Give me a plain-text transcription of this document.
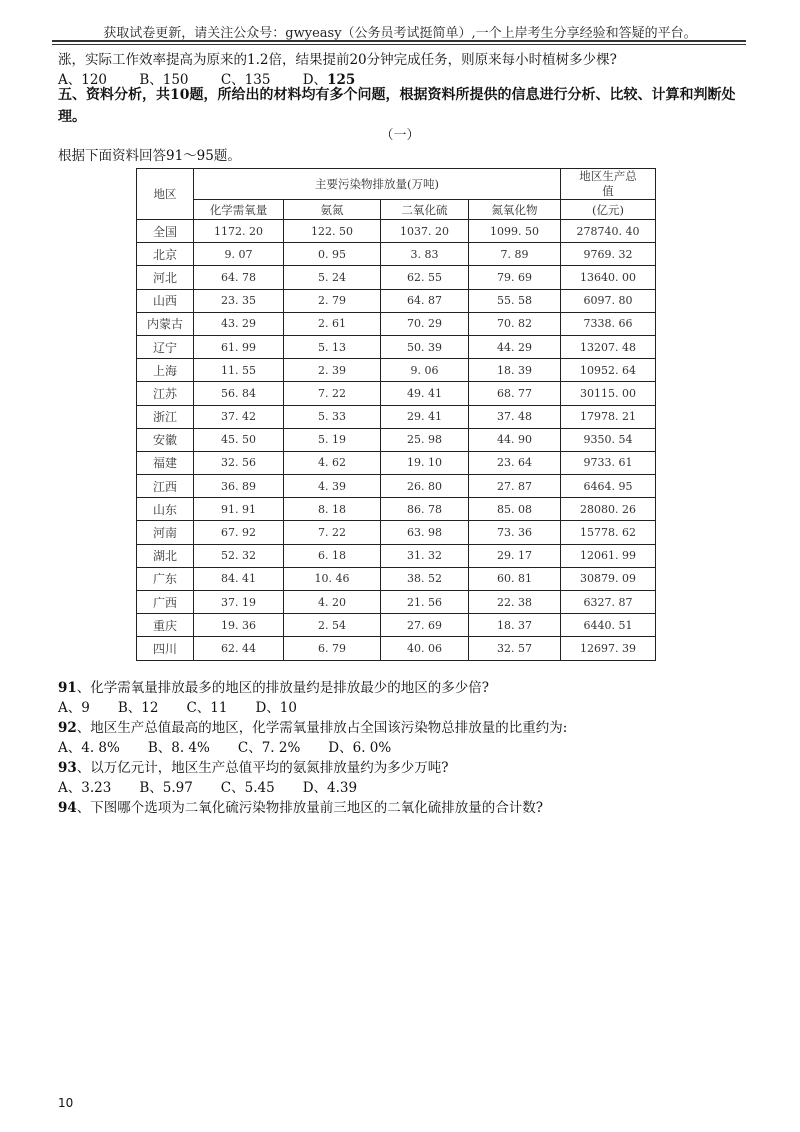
获取试卷更新，请关注公众号：gwyeasy（公务员考试挺简单）,一个上岸考生分享经验和答疑的平台。
涨，实际工作效率提高为原来的1.2倍，结果提前20分钟完成任务，则原来每小时植树多少棵?
A、120 B、150 C、135 D、125
五、资料分析，共10题，所给出的材料均有多个问题，根据资料所提供的信息进行分析、比较、计算和判断处理。
（一）
根据下面资料回答91～95题。
地区	主要污染物排放量(万吨)				地区生产总
值

	化学需氧量	氨氮	二氧化硫	氮氧化物	(亿元)
全国	1172. 20	122. 50	1037. 20	1099. 50	278740. 40
北京	9. 07	0. 95	3. 83	7. 89	9769. 32
河北	64. 78	5. 24	62. 55	79. 69	13640. 00
山西	23. 35	2. 79	64. 87	55. 58	6097. 80
内蒙古	43. 29	2. 61	70. 29	70. 82	7338. 66
辽宁	61. 99	5. 13	50. 39	44. 29	13207. 48
上海	11. 55	2. 39	9. 06	18. 39	10952. 64
江苏	56. 84	7. 22	49. 41	68. 77	30115. 00
浙江	37. 42	5. 33	29. 41	37. 48	17978. 21
安徽	45. 50	5. 19	25. 98	44. 90	9350. 54
福建	32. 56	4. 62	19. 10	23. 64	9733. 61
江西	36. 89	4. 39	26. 80	27. 87	6464. 95
山东	91. 91	8. 18	86. 78	85. 08	28080. 26
河南	67. 92	7. 22	63. 98	73. 36	15778. 62
湖北	52. 32	6. 18	31. 32	29. 17	12061. 99
广东	84. 41	10. 46	38. 52	60. 81	30879. 09
广西	37. 19	4. 20	21. 56	22. 38	6327. 87
重庆	19. 36	2. 54	27. 69	18. 37	6440. 51
四川	62. 44	6. 79	40. 06	32. 57	12697. 39
91、化学需氧量排放最多的地区的排放量约是排放最少的地区的多少倍?
A、9 B、12 C、11 D、10
92、地区生产总值最高的地区，化学需氧量排放占全国该污染物总排放量的比重约为:
A、4. 8% B、8. 4% C、7. 2% D、6. 0%
93、以万亿元计，地区生产总值平均的氨氮排放量约为多少万吨?
A、3.23 B、5.97 C、5.45 D、4.39
94、下图哪个选项为二氧化硫污染物排放量前三地区的二氧化硫排放量的合计数?
10
